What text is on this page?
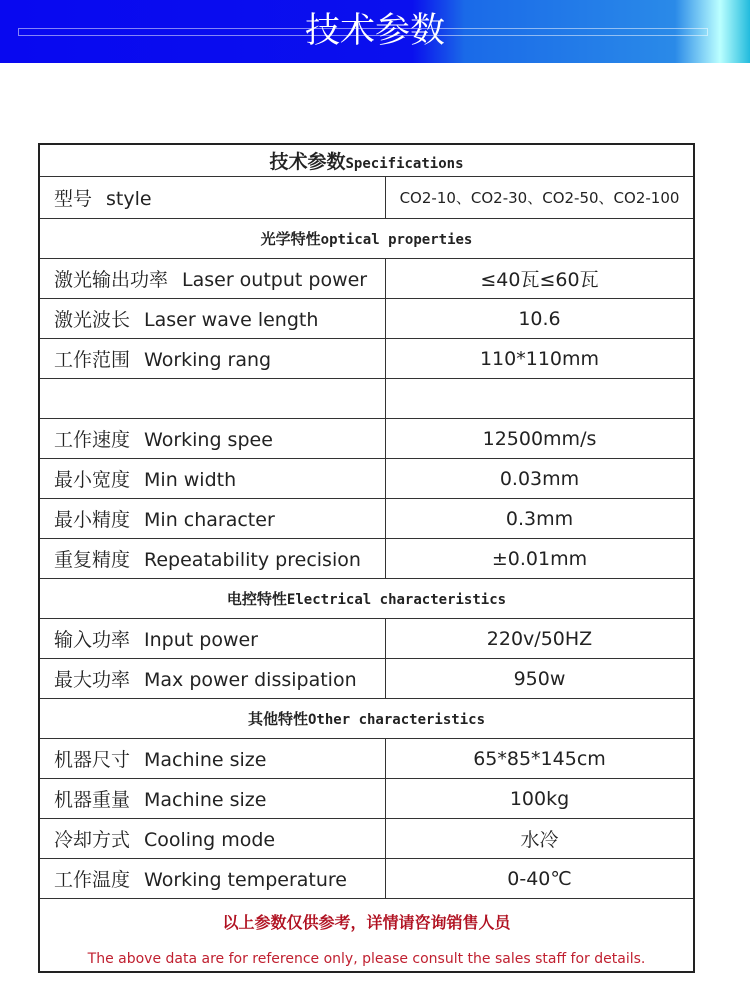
技术参数
技术参数Specifications	
型号 style	CO2-10、CO2-30、CO2-50、CO2-100
光学特性optical properties	
激光输出功率 Laser output power	≤40瓦≤60瓦
激光波长 Laser wave length	10.6
工作范围 Working rang	110*110mm

工作速度 Working spee	12500mm/s
最小宽度 Min width	0.03mm
最小精度 Min character	0.3mm
重复精度 Repeatability precision	±0.01mm
电控特性Electrical characteristics	
输入功率 Input power	220v/50HZ
最大功率 Max power dissipation	950w
其他特性Other characteristics	
机器尺寸 Machine size	65*85*145cm
机器重量 Machine size	100kg
冷却方式 Cooling mode	水冷
工作温度 Working temperature	0-40℃

以上参数仅供参考，详情请咨询销售人员
The above data are for reference only, please consult the sales staff for details.	
